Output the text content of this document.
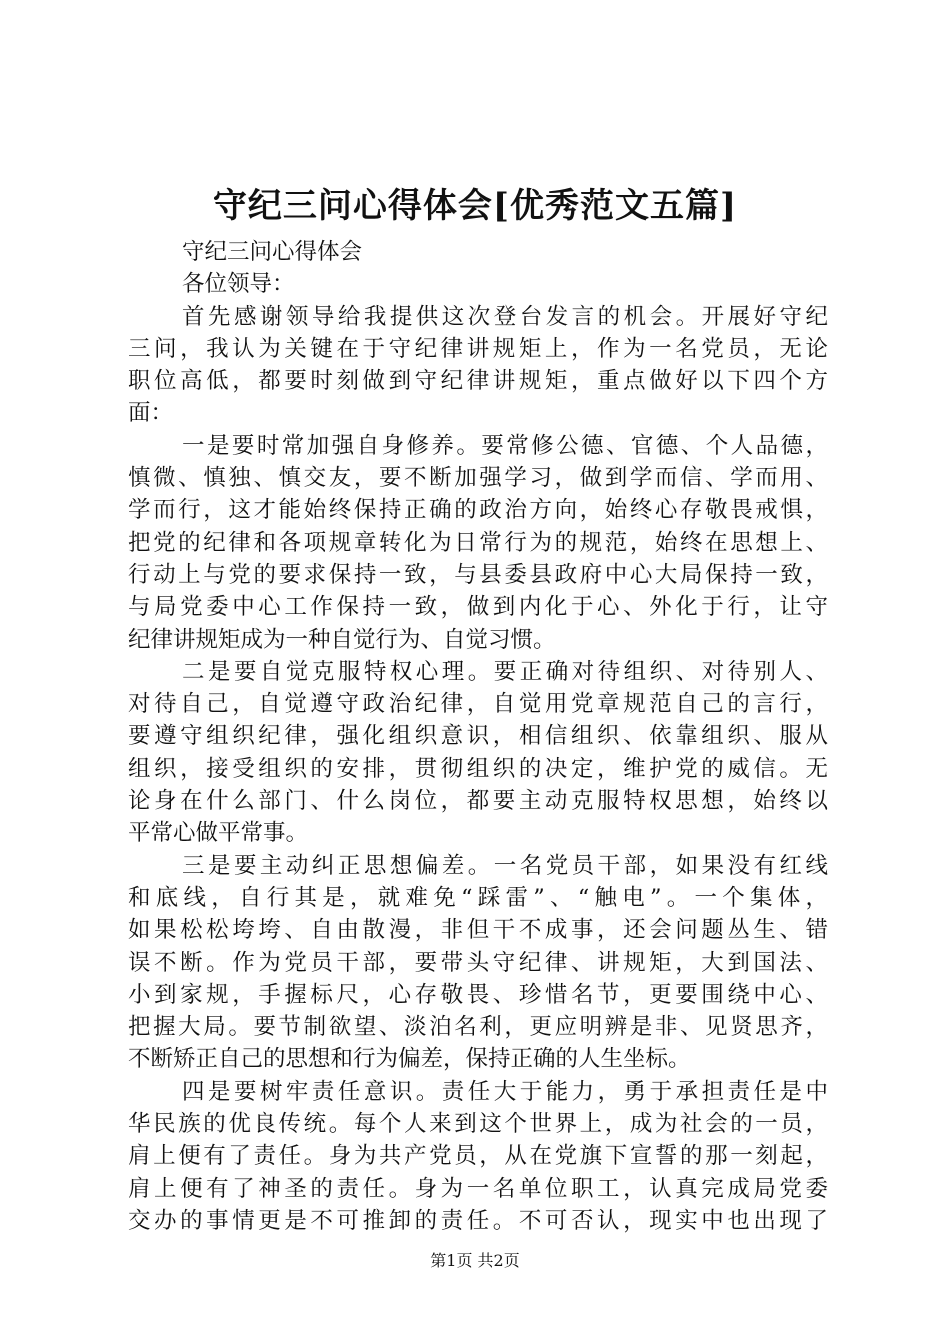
守纪三问心得体会[优秀范文五篇]
守纪三问心得体会
各位领导：
首先感谢领导给我提供这次登台发言的机会。开展好守纪
三问，我认为关键在于守纪律讲规矩上，作为一名党员，无论
职位高低，都要时刻做到守纪律讲规矩，重点做好以下四个方
面：
一是要时常加强自身修养。要常修公德、官德、个人品德，
慎微、慎独、慎交友，要不断加强学习，做到学而信、学而用、
学而行，这才能始终保持正确的政治方向，始终心存敬畏戒惧，
把党的纪律和各项规章转化为日常行为的规范，始终在思想上、
行动上与党的要求保持一致，与县委县政府中心大局保持一致，
与局党委中心工作保持一致，做到内化于心、外化于行，让守
纪律讲规矩成为一种自觉行为、自觉习惯。
二是要自觉克服特权心理。要正确对待组织、对待别人、
对待自己，自觉遵守政治纪律，自觉用党章规范自己的言行，
要遵守组织纪律，强化组织意识，相信组织、依靠组织、服从
组织，接受组织的安排，贯彻组织的决定，维护党的威信。无
论身在什么部门、什么岗位，都要主动克服特权思想，始终以
平常心做平常事。
三是要主动纠正思想偏差。一名党员干部，如果没有红线
和底线，自行其是，就难免“踩雷”、“触电”。一个集体，
如果松松垮垮、自由散漫，非但干不成事，还会问题丛生、错
误不断。作为党员干部，要带头守纪律、讲规矩，大到国法、
小到家规，手握标尺，心存敬畏、珍惜名节，更要围绕中心、
把握大局。要节制欲望、淡泊名利，更应明辨是非、见贤思齐，
不断矫正自己的思想和行为偏差，保持正确的人生坐标。
四是要树牢责任意识。责任大于能力，勇于承担责任是中
华民族的优良传统。每个人来到这个世界上，成为社会的一员，
肩上便有了责任。身为共产党员，从在党旗下宣誓的那一刻起，
肩上便有了神圣的责任。身为一名单位职工，认真完成局党委
交办的事情更是不可推卸的责任。不可否认，现实中也出现了
第1页 共2页
